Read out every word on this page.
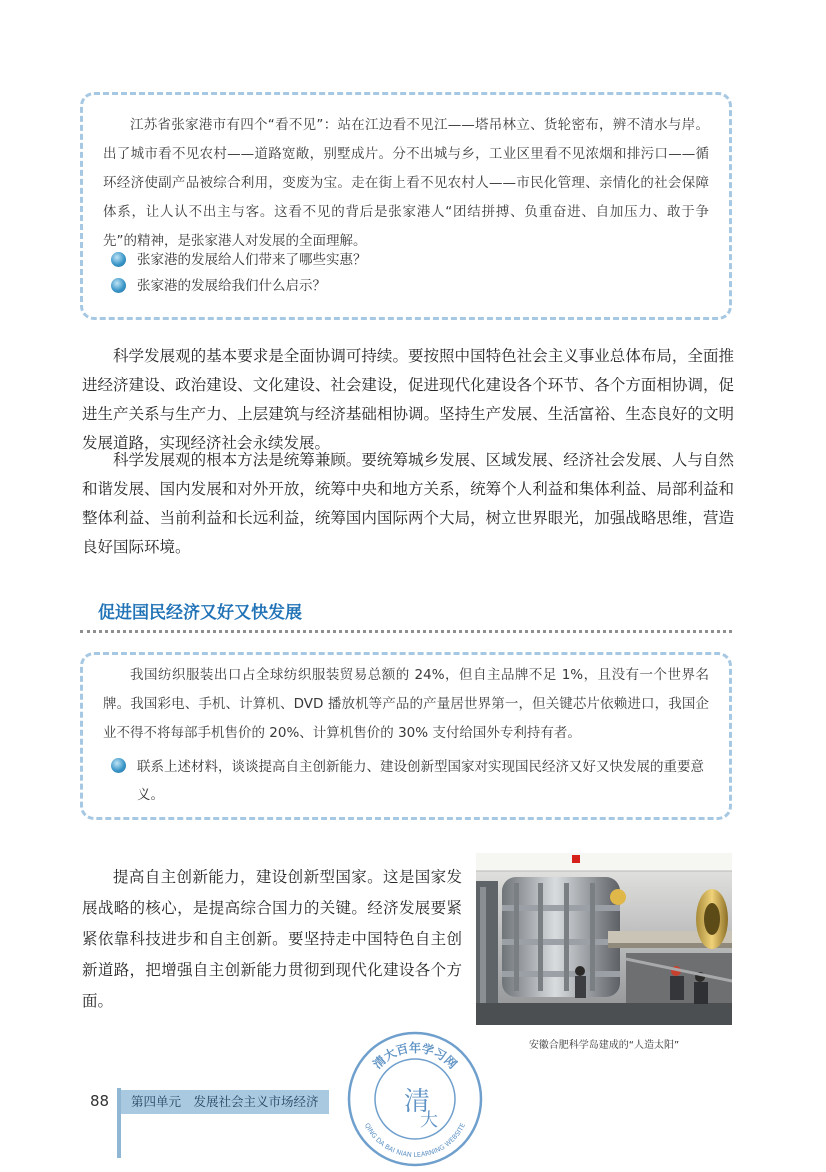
江苏省张家港市有四个“看不见”：站在江边看不见江——塔吊林立、货轮密布，辨不清水与岸。出了城市看不见农村——道路宽敞，别墅成片。分不出城与乡，工业区里看不见浓烟和排污口——循环经济使副产品被综合利用，变废为宝。走在街上看不见农村人——市民化管理、亲情化的社会保障体系，让人认不出主与客。这看不见的背后是张家港人“团结拼搏、负重奋进、自加压力、敢于争先”的精神，是张家港人对发展的全面理解。

张家港的发展给人们带来了哪些实惠？
张家港的发展给我们什么启示？

科学发展观的基本要求是全面协调可持续。要按照中国特色社会主义事业总体布局，全面推进经济建设、政治建设、文化建设、社会建设，促进现代化建设各个环节、各个方面相协调，促进生产关系与生产力、上层建筑与经济基础相协调。坚持生产发展、生活富裕、生态良好的文明发展道路，实现经济社会永续发展。

科学发展观的根本方法是统筹兼顾。要统筹城乡发展、区域发展、经济社会发展、人与自然和谐发展、国内发展和对外开放，统筹中央和地方关系，统筹个人利益和集体利益、局部利益和整体利益、当前利益和长远利益，统筹国内国际两个大局，树立世界眼光，加强战略思维，营造良好国际环境。

促进国民经济又好又快发展

我国纺织服装出口占全球纺织服装贸易总额的 24%，但自主品牌不足 1%，且没有一个世界名牌。我国彩电、手机、计算机、DVD 播放机等产品的产量居世界第一，但关键芯片依赖进口，我国企业不得不将每部手机售价的 20%、计算机售价的 30% 支付给国外专利持有者。

联系上述材料，谈谈提高自主创新能力、建设创新型国家对实现国民经济又好又快发展的重要意义。

提高自主创新能力，建设创新型国家。这是国家发展战略的核心，是提高综合国力的关键。经济发展要紧紧依靠科技进步和自主创新。要坚持走中国特色自主创新道路，把增强自主创新能力贯彻到现代化建设各个方面。

安徽合肥科学岛建成的“人造太阳”
88	第四单元　发展社会主义市场经济
清大百年学习网
QING DA BAI NIAN LEARNING WEBSITE
清
大
